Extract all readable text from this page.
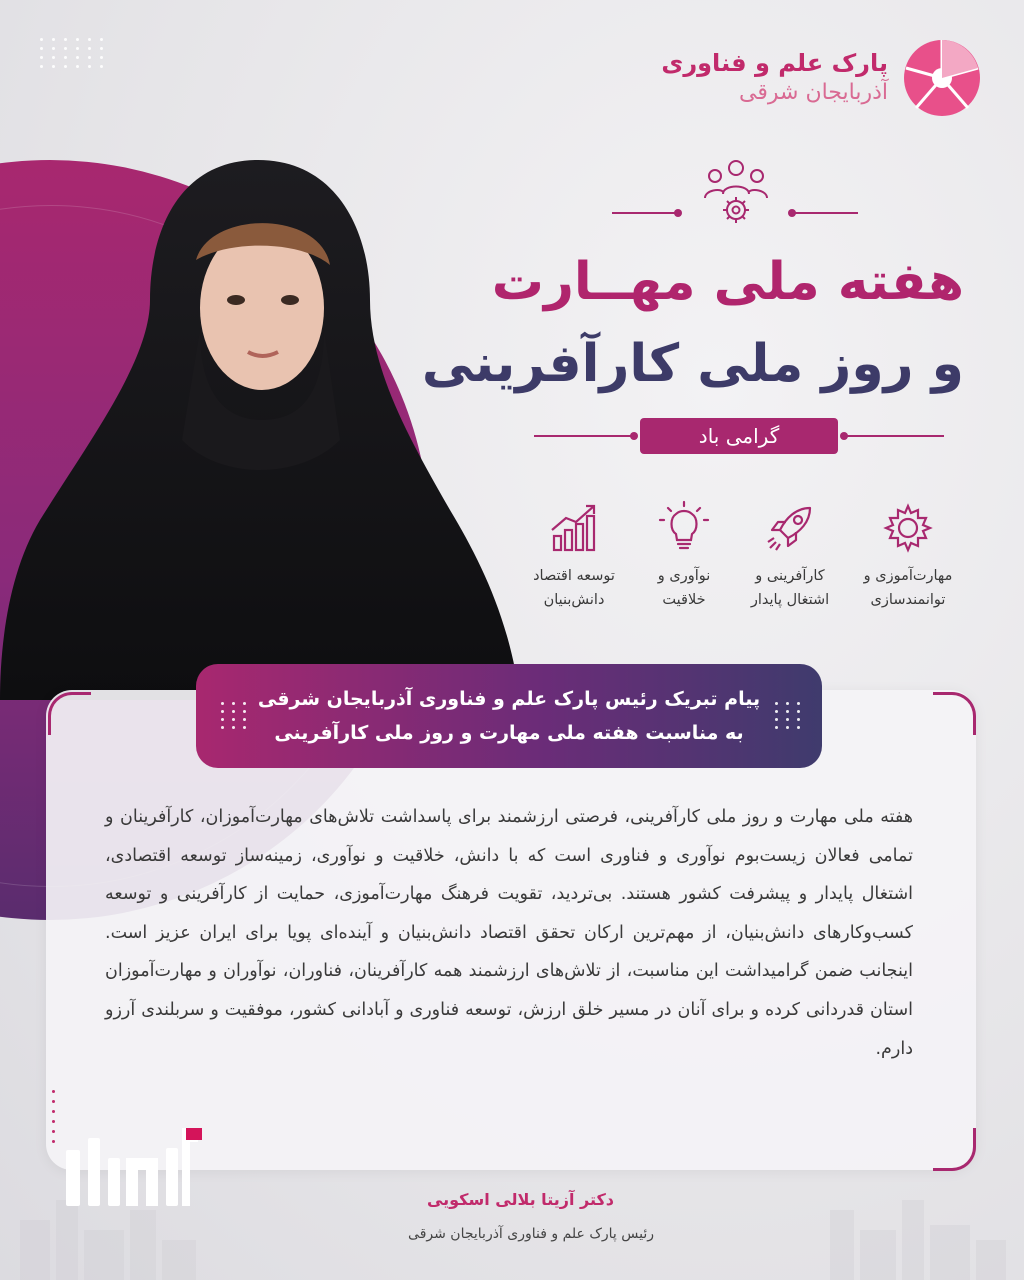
پارک علم و فناوری
آذربایجان شرقی
هفته ملی مهــارت
و روز ملی کارآفرینی
گرامی باد
مهارت‌آموزی و
توانمندسازی
کارآفرینی و
اشتغال پایدار
نوآوری و
خلاقیت
توسعه اقتصاد
دانش‌بنیان
پیام تبریک رئیس پارک علم و فناوری آذربایجان شرقی
به مناسبت هفته ملی مهارت و روز ملی کارآفرینی
هفته ملی مهارت و روز ملی کارآفرینی، فرصتی ارزشمند برای پاسداشت تلاش‌های مهارت‌آموزان، کارآفرینان و تمامی فعالان زیست‌بوم نوآوری و فناوری است که با دانش، خلاقیت و نوآوری، زمینه‌ساز توسعه اقتصادی، اشتغال پایدار و پیشرفت کشور هستند. بی‌تردید، تقویت فرهنگ مهارت‌آموزی، حمایت از کارآفرینی و توسعه کسب‌وکارهای دانش‌بنیان، از مهم‌ترین ارکان تحقق اقتصاد دانش‌بنیان و آینده‌ای پویا برای ایران عزیز است. اینجانب ضمن گرامیداشت این مناسبت، از تلاش‌های ارزشمند همه کارآفرینان، فناوران، نوآوران و مهارت‌آموزان استان قدردانی کرده و برای آنان در مسیر خلق ارزش، توسعه فناوری و آبادانی کشور، موفقیت و سربلندی آرزو دارم.
دکتر آزیتا بلالی اسکویی
رئیس پارک علم و فناوری آذربایجان شرقی
